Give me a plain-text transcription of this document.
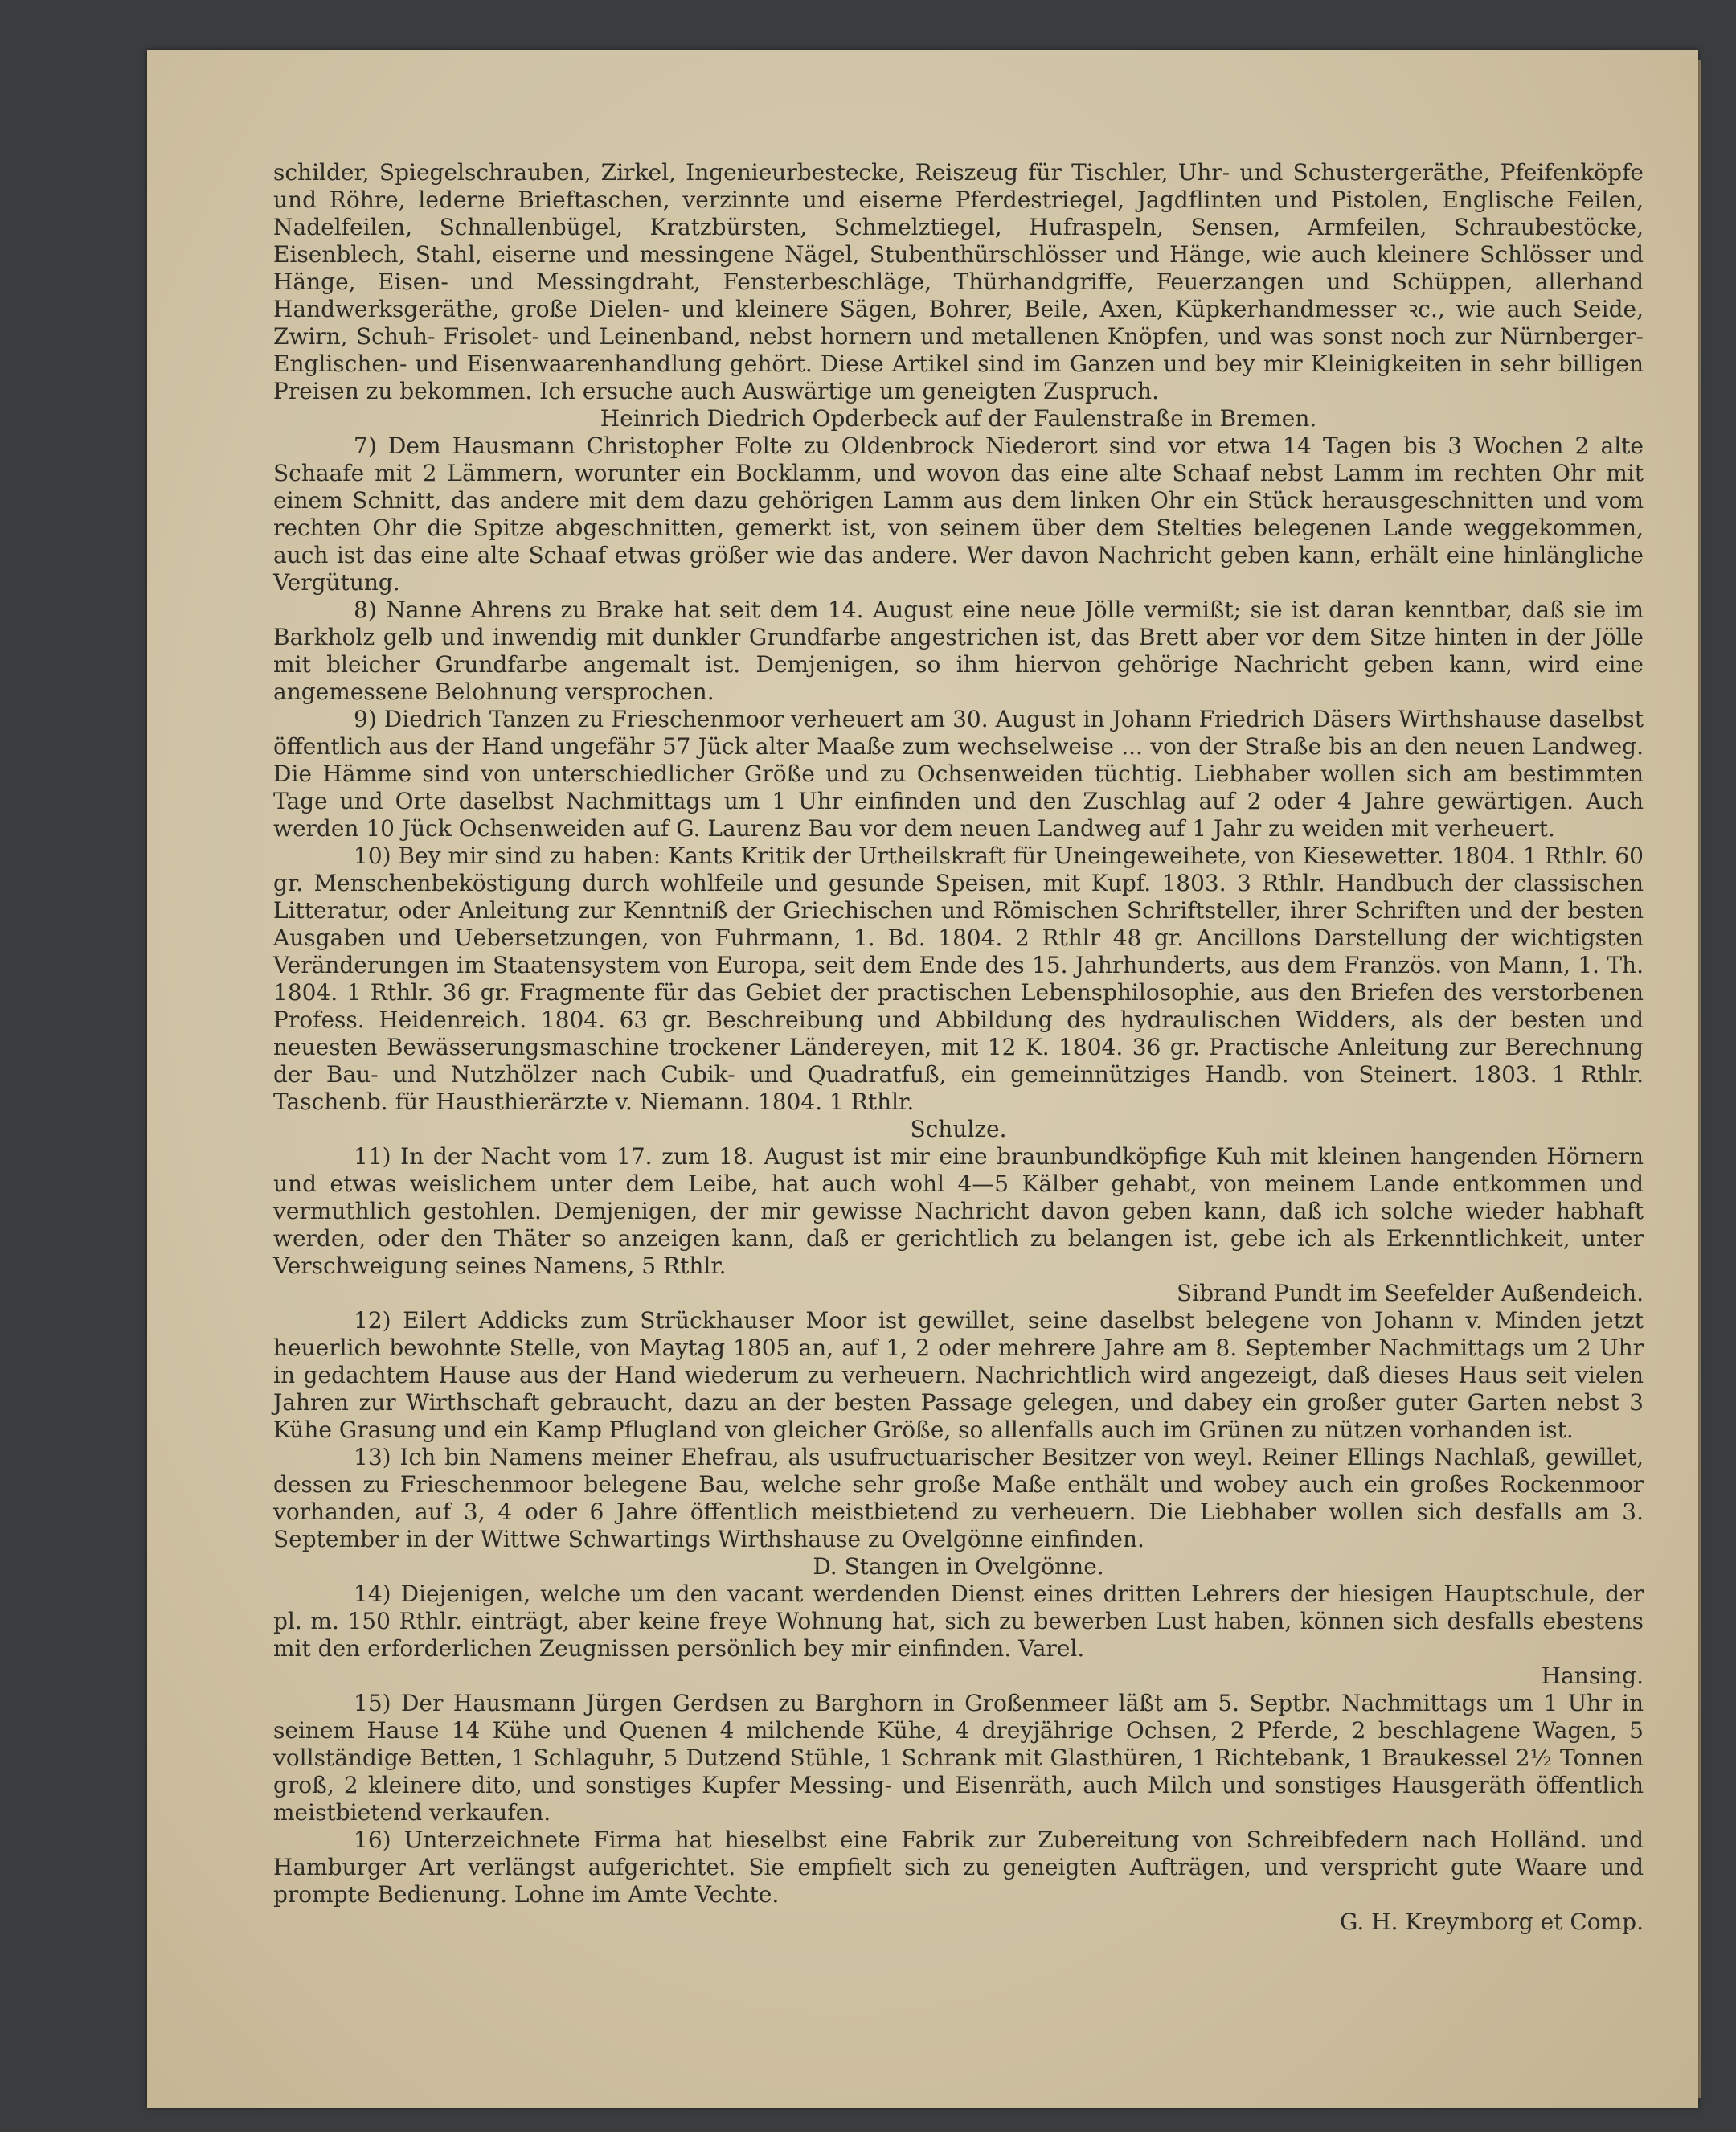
schilder, Spiegelschrauben, Zirkel, Ingenieurbestecke, Reiszeug für Tischler, Uhr- und Schustergeräthe, Pfeifenköpfe und Röhre, lederne Brieftaschen, verzinnte und eiserne Pferdestriegel, Jagdflinten und Pistolen, Englische Feilen, Nadelfeilen, Schnallenbügel, Kratzbürsten, Schmelztiegel, Hufraspeln, Sensen, Armfeilen, Schraubestöcke, Eisenblech, Stahl, eiserne und messingene Nägel, Stubenthürschlösser und Hänge, wie auch kleinere Schlösser und Hänge, Eisen- und Messingdraht, Fensterbeschläge, Thürhandgriffe, Feuerzangen und Schüppen, allerhand Handwerksgeräthe, große Dielen- und kleinere Sägen, Bohrer, Beile, Axen, Küpkerhandmesser ꝛc., wie auch Seide, Zwirn, Schuh- Frisolet- und Leinenband, nebst hornern und metallenen Knöpfen, und was sonst noch zur Nürnberger- Englischen- und Eisenwaarenhandlung gehört. Diese Artikel sind im Ganzen und bey mir Kleinigkeiten in sehr billigen Preisen zu bekommen. Ich ersuche auch Auswärtige um geneigten Zuspruch.

Heinrich Diedrich Opderbeck auf der Faulenstraße in Bremen.

7) Dem Hausmann Christopher Folte zu Oldenbrock Niederort sind vor etwa 14 Tagen bis 3 Wochen 2 alte Schaafe mit 2 Lämmern, worunter ein Bocklamm, und wovon das eine alte Schaaf nebst Lamm im rechten Ohr mit einem Schnitt, das andere mit dem dazu gehörigen Lamm aus dem linken Ohr ein Stück herausgeschnitten und vom rechten Ohr die Spitze abgeschnitten, gemerkt ist, von seinem über dem Stelties belegenen Lande weggekommen, auch ist das eine alte Schaaf etwas größer wie das andere. Wer davon Nachricht geben kann, erhält eine hinlängliche Vergütung.

8) Nanne Ahrens zu Brake hat seit dem 14. August eine neue Jölle vermißt; sie ist daran kenntbar, daß sie im Barkholz gelb und inwendig mit dunkler Grundfarbe angestrichen ist, das Brett aber vor dem Sitze hinten in der Jölle mit bleicher Grundfarbe angemalt ist. Demjenigen, so ihm hiervon gehörige Nachricht geben kann, wird eine angemessene Belohnung versprochen.

9) Diedrich Tanzen zu Frieschenmoor verheuert am 30. August in Johann Friedrich Däsers Wirthshause daselbst öffentlich aus der Hand ungefähr 57 Jück alter Maaße zum wechselweise ... von der Straße bis an den neuen Landweg. Die Hämme sind von unterschiedlicher Größe und zu Ochsenweiden tüchtig. Liebhaber wollen sich am bestimmten Tage und Orte daselbst Nachmittags um 1 Uhr einfinden und den Zuschlag auf 2 oder 4 Jahre gewärtigen. Auch werden 10 Jück Ochsenweiden auf G. Laurenz Bau vor dem neuen Landweg auf 1 Jahr zu weiden mit verheuert.

10) Bey mir sind zu haben: Kants Kritik der Urtheilskraft für Uneingeweihete, von Kiesewetter. 1804. 1 Rthlr. 60 gr. Menschenbeköstigung durch wohlfeile und gesunde Speisen, mit Kupf. 1803. 3 Rthlr. Handbuch der classischen Litteratur, oder Anleitung zur Kenntniß der Griechischen und Römischen Schriftsteller, ihrer Schriften und der besten Ausgaben und Uebersetzungen, von Fuhrmann, 1. Bd. 1804. 2 Rthlr 48 gr. Ancillons Darstellung der wichtigsten Veränderungen im Staatensystem von Europa, seit dem Ende des 15. Jahrhunderts, aus dem Französ. von Mann, 1. Th. 1804. 1 Rthlr. 36 gr. Fragmente für das Gebiet der practischen Lebensphilosophie, aus den Briefen des verstorbenen Profess. Heidenreich. 1804. 63 gr. Beschreibung und Abbildung des hydraulischen Widders, als der besten und neuesten Bewässerungsmaschine trockener Ländereyen, mit 12 K. 1804. 36 gr. Practische Anleitung zur Berechnung der Bau- und Nutzhölzer nach Cubik- und Quadratfuß, ein gemeinnütziges Handb. von Steinert. 1803. 1 Rthlr. Taschenb. für Hausthierärzte v. Niemann. 1804. 1 Rthlr.

Schulze.

11) In der Nacht vom 17. zum 18. August ist mir eine braunbundköpfige Kuh mit kleinen hangenden Hörnern und etwas weislichem unter dem Leibe, hat auch wohl 4—5 Kälber gehabt, von meinem Lande entkommen und vermuthlich gestohlen. Demjenigen, der mir gewisse Nachricht davon geben kann, daß ich solche wieder habhaft werden, oder den Thäter so anzeigen kann, daß er gerichtlich zu belangen ist, gebe ich als Erkenntlichkeit, unter Verschweigung seines Namens, 5 Rthlr.

Sibrand Pundt im Seefelder Außendeich.

12) Eilert Addicks zum Strückhauser Moor ist gewillet, seine daselbst belegene von Johann v. Minden jetzt heuerlich bewohnte Stelle, von Maytag 1805 an, auf 1, 2 oder mehrere Jahre am 8. September Nachmittags um 2 Uhr in gedachtem Hause aus der Hand wiederum zu verheuern. Nachrichtlich wird angezeigt, daß dieses Haus seit vielen Jahren zur Wirthschaft gebraucht, dazu an der besten Passage gelegen, und dabey ein großer guter Garten nebst 3 Kühe Grasung und ein Kamp Pflugland von gleicher Größe, so allenfalls auch im Grünen zu nützen vorhanden ist.

13) Ich bin Namens meiner Ehefrau, als usufructuarischer Besitzer von weyl. Reiner Ellings Nachlaß, gewillet, dessen zu Frieschenmoor belegene Bau, welche sehr große Maße enthält und wobey auch ein großes Rockenmoor vorhanden, auf 3, 4 oder 6 Jahre öffentlich meistbietend zu verheuern. Die Liebhaber wollen sich desfalls am 3. September in der Wittwe Schwartings Wirthshause zu Ovelgönne einfinden.

D. Stangen in Ovelgönne.

14) Diejenigen, welche um den vacant werdenden Dienst eines dritten Lehrers der hiesigen Hauptschule, der pl. m. 150 Rthlr. einträgt, aber keine freye Wohnung hat, sich zu bewerben Lust haben, können sich desfalls ebestens mit den erforderlichen Zeugnissen persönlich bey mir einfinden. Varel.

Hansing.

15) Der Hausmann Jürgen Gerdsen zu Barghorn in Großenmeer läßt am 5. Septbr. Nachmittags um 1 Uhr in seinem Hause 14 Kühe und Quenen 4 milchende Kühe, 4 dreyjährige Ochsen, 2 Pferde, 2 beschlagene Wagen, 5 vollständige Betten, 1 Schlaguhr, 5 Dutzend Stühle, 1 Schrank mit Glasthüren, 1 Richtebank, 1 Braukessel 2½ Tonnen groß, 2 kleinere dito, und sonstiges Kupfer Messing- und Eisenräth, auch Milch und sonstiges Hausgeräth öffentlich meistbietend verkaufen.

16) Unterzeichnete Firma hat hieselbst eine Fabrik zur Zubereitung von Schreibfedern nach Holländ. und Hamburger Art verlängst aufgerichtet. Sie empfielt sich zu geneigten Aufträgen, und verspricht gute Waare und prompte Bedienung. Lohne im Amte Vechte.

G. H. Kreymborg et Comp.
